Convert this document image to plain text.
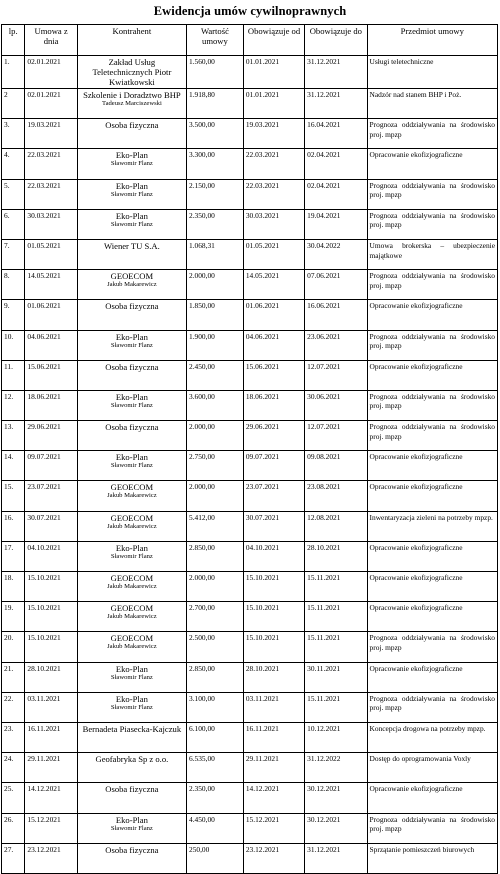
Ewidencja umów cywilnoprawnych
lp.	Umowa z dnia	Kontrahent	Wartość umowy	Obowiązuje od	Obowiązuje do	Przedmiot umowy
1.	02.01.2021	Zakład Usług Teletechnicznych Piotr Kwiatkowski	1.560,00	01.01.2021	31.12.2021	Usługi teletechniczne
2	02.01.2021	Szkolenie i Doradztwo BHP
Tadeusz Marciszewski	1.918,80	01.01.2021	31.12.2021	Nadzór nad stanem BHP i Poż.
3.	19.03.2021	Osoba fizyczna	3.500,00	19.03.2021	16.04.2021	Prognoza oddziaływania na środowisko proj. mpzp
4.	22.03.2021	Eko-Plan
Sławomir Flanz	3.300,00	22.03.2021	02.04.2021	Opracowanie ekofizjograficzne
5.	22.03.2021	Eko-Plan
Sławomir Flanz	2.150,00	22.03.2021	02.04.2021	Prognoza oddziaływania na środowisko proj. mpzp
6.	30.03.2021	Eko-Plan
Sławomir Flanz	2.350,00	30.03.2021	19.04.2021	Prognoza oddziaływania na środowisko proj. mpzp
7.	01.05.2021	Wiener TU S.A.	1.068,31	01.05.2021	30.04.2022	Umowa brokerska – ubezpieczenie majątkowe
8.	14.05.2021	GEOECOM
Jakub Makarewicz	2.000,00	14.05.2021	07.06.2021	Prognoza oddziaływania na środowisko proj. mpzp
9.	01.06.2021	Osoba fizyczna	1.850,00	01.06.2021	16.06.2021	Opracowanie ekofizjograficzne
10.	04.06.2021	Eko-Plan
Sławomir Flanz	1.900,00	04.06.2021	23.06.2021	Prognoza oddziaływania na środowisko proj. mpzp
11.	15.06.2021	Osoba fizyczna	2.450,00	15.06.2021	12.07.2021	Opracowanie ekofizjograficzne
12.	18.06.2021	Eko-Plan
Sławomir Flanz	3.600,00	18.06.2021	30.06.2021	Prognoza oddziaływania na środowisko proj. mpzp
13.	29.06.2021	Osoba fizyczna	2.000,00	29.06.2021	12.07.2021	Prognoza oddziaływania na środowisko proj. mpzp
14.	09.07.2021	Eko-Plan
Sławomir Flanz	2.750,00	09.07.2021	09.08.2021	Opracowanie ekofizjograficzne
15.	23.07.2021	GEOECOM
Jakub Makarewicz	2.000,00	23.07.2021	23.08.2021	Opracowanie ekofizjograficzne
16.	30.07.2021	GEOECOM
Jakub Makarewicz	5.412,00	30.07.2021	12.08.2021	Inwentaryzacja zieleni na potrzeby mpzp.
17.	04.10.2021	Eko-Plan
Sławomir Flanz	2.850,00	04.10.2021	28.10.2021	Opracowanie ekofizjograficzne
18.	15.10.2021	GEOECOM
Jakub Makarewicz	2.000,00	15.10.2021	15.11.2021	Opracowanie ekofizjograficzne
19.	15.10.2021	GEOECOM
Jakub Makarewicz	2.700,00	15.10.2021	15.11.2021	Opracowanie ekofizjograficzne
20.	15.10.2021	GEOECOM
Jakub Makarewicz	2.500,00	15.10.2021	15.11.2021	Prognoza oddziaływania na środowisko proj. mpzp
21.	28.10.2021	Eko-Plan
Sławomir Flanz	2.850,00	28.10.2021	30.11.2021	Opracowanie ekofizjograficzne
22.	03.11.2021	Eko-Plan
Sławomir Flanz	3.100,00	03.11.2021	15.11.2021	Prognoza oddziaływania na środowisko proj. mpzp
23.	16.11.2021	Bernadeta Piasecka-Kajczuk	6.100,00	16.11.2021	10.12.2021	Koncepcja drogowa na potrzeby mpzp.
24.	29.11.2021	Geofabryka Sp z o.o.	6.535,00	29.11.2021	31.12.2022	Dostęp do oprogramowania Voxly
25.	14.12.2021	Osoba fizyczna	2.350,00	14.12.2021	30.12.2021	Opracowanie ekofizjograficzne
26.	15.12.2021	Eko-Plan
Sławomir Flanz	4.450,00	15.12.2021	30.12.2021	Prognoza oddziaływania na środowisko proj. mpzp
27.	23.12.2021	Osoba fizyczna	250,00	23.12.2021	31.12.2021	Sprzątanie pomieszczeń biurowych
